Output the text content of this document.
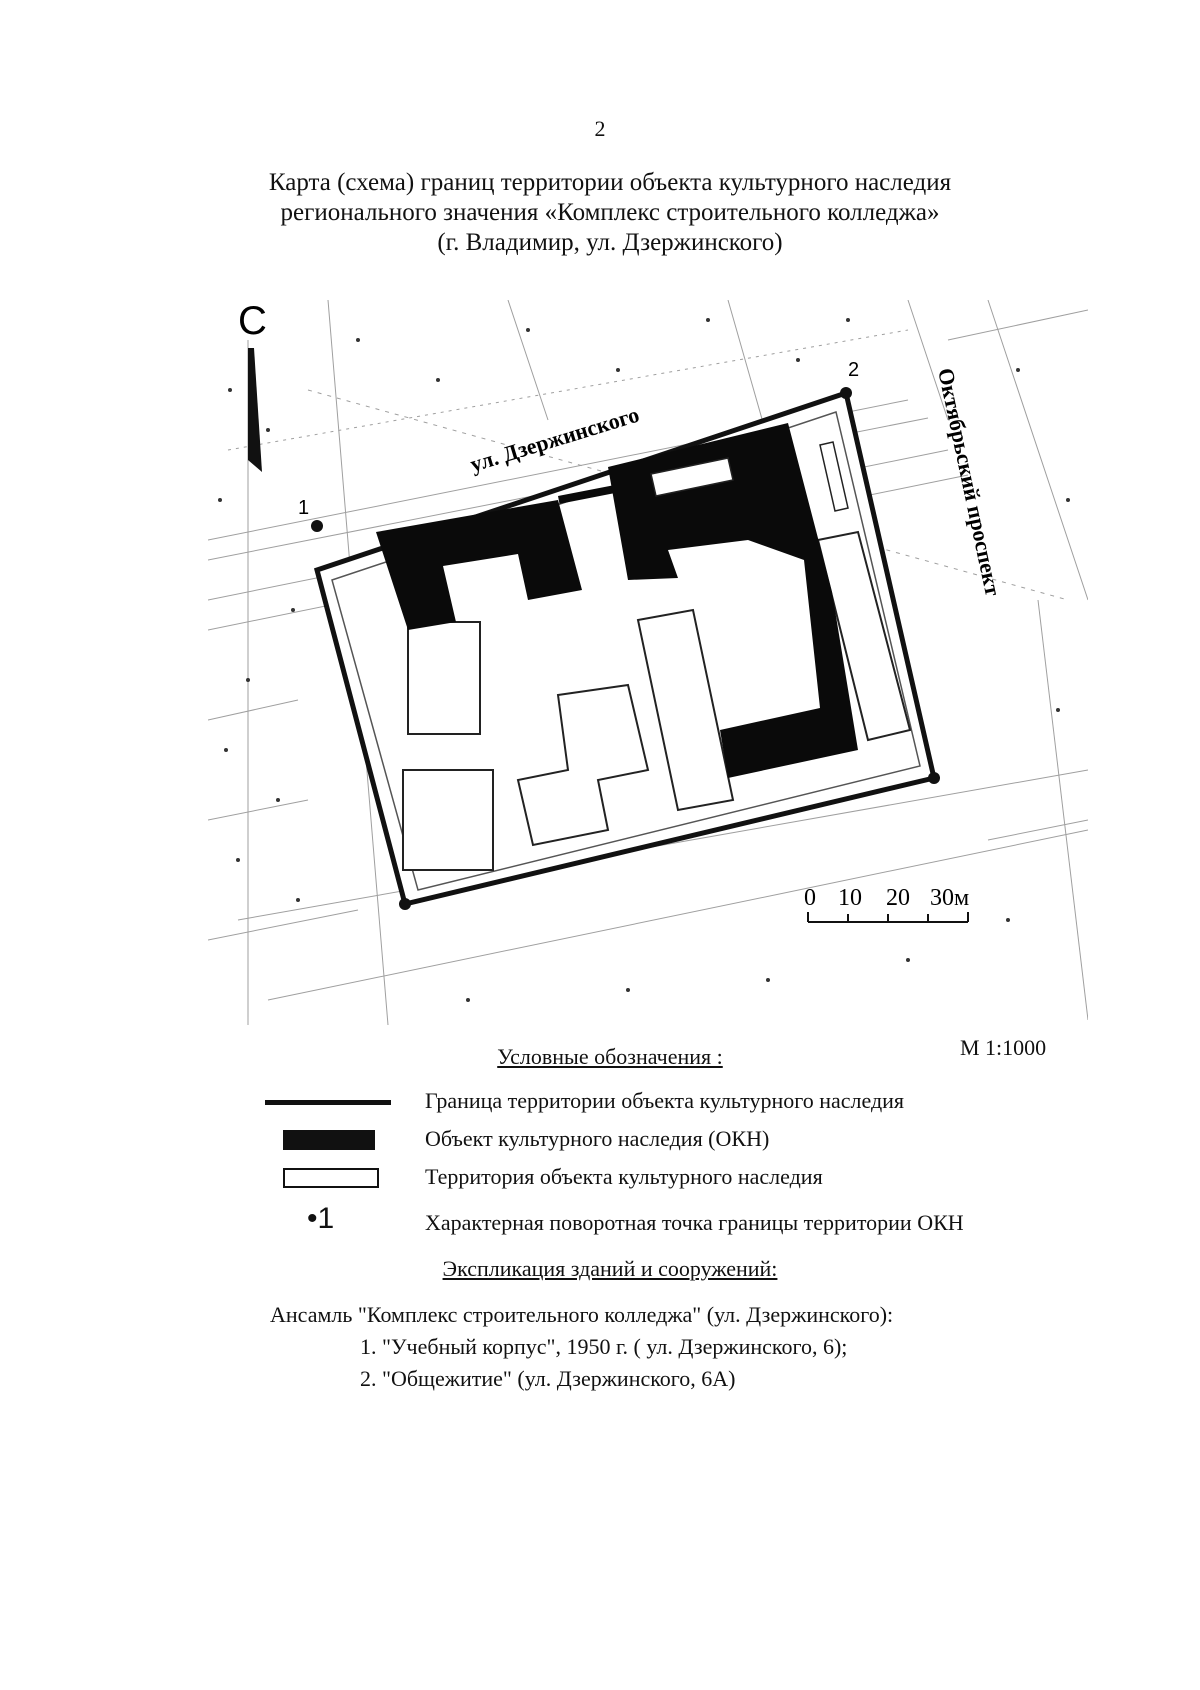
2
Карта (схема) границ территории объекта культурного наследия
регионального значения «Комплекс строительного колледжа»
(г. Владимир, ул. Дзержинского)
1
2
ул. Дзержинского	Октябрьский проспект
С
0 10 20 30м
Условные обозначения :	М 1:1000
Граница территории объекта культурного наследия
Объект культурного наследия (ОКН)
Территория объекта культурного наследия
•1	Характерная поворотная точка границы территории ОКН
Экспликация зданий и сооружений:
Ансамль "Комплекс строительного колледжа" (ул. Дзержинского):
1. "Учебный корпус", 1950 г. ( ул. Дзержинского, 6);
2. "Общежитие" (ул. Дзержинского, 6А)
